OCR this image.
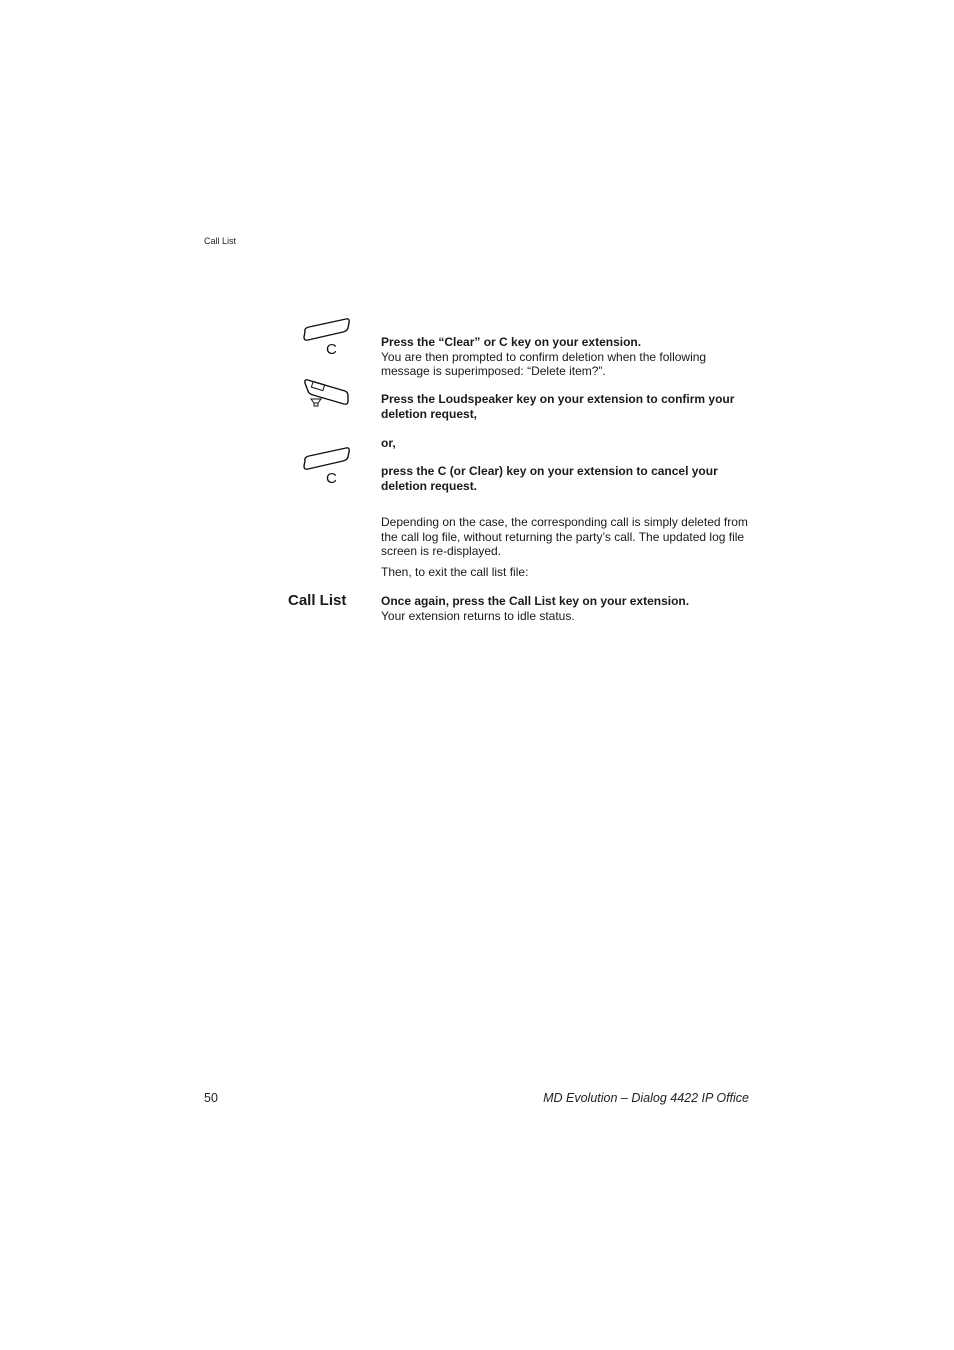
Call List
C
C
Press the “Clear” or C key on your extension.
You are then prompted to confirm deletion when the following message is superimposed: “Delete item?”.
Press the Loudspeaker key on your extension to confirm your deletion request,
or,
press the C (or Clear) key on your extension to cancel your deletion request.
Depending on the case, the corresponding call is simply deleted from the call log file, without returning the party’s call. The updated log file screen is re-displayed.
Then, to exit the call list file:
Call List	Once again, press the Call List key on your extension.
Your extension returns to idle status.
50	MD Evolution – Dialog 4422 IP Office
